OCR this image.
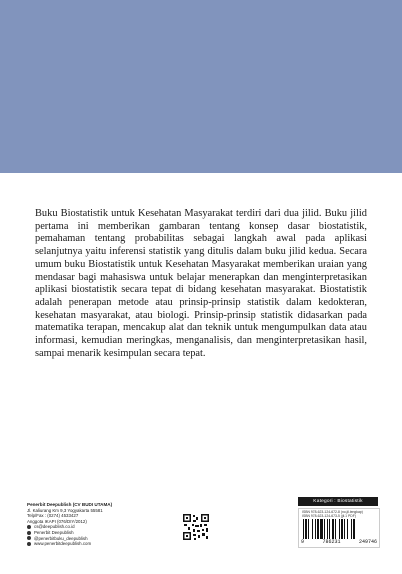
Buku Biostatistik untuk Kesehatan Masyarakat terdiri dari dua jilid. Buku jilid pertama ini memberikan gambaran tentang konsep dasar biostatistik, pemahaman tentang probabilitas sebagai langkah awal pada aplikasi selanjutnya yaitu inferensi statistik yang ditulis dalam buku jilid kedua. Secara umum buku Biostatistik untuk Kesehatan Masyarakat memberikan uraian yang mendasar bagi mahasiswa untuk belajar menerapkan dan menginterpretasikan aplikasi biostatistik secara tepat di bidang kesehatan masyarakat. Biostatistik adalah penerapan metode atau prinsip-prinsip statistik dalam kedokteran, kesehatan masyarakat, atau biologi. Prinsip-prinsip statistik didasarkan pada matematika terapan, mencakup alat dan teknik untuk mengumpulkan data atau informasi, kemudian meringkas, menganalisis, dan menginterpretasikan hasil, sampai menarik kesimpulan secara tepat.

Penerbit Deepublish (CV BUDI UTAMA)
Jl. Kaliurang Km 9,3 Yogyakarta 55581
Telp/Fax : (0274) 4533427
Anggota IKAPI (076/DIY/2012)
cs@deepublish.co.id
Penerbit Deepublish
@penerbitbuku_deepublish
www.penerbitdeepublish.com
Kategori : Biostatistik
ISBN 978-623-124-672-8 (no.jil.lengkap)
ISBN 978-623-124-673-5 (jil.1 PDF)
9	786231	249746
